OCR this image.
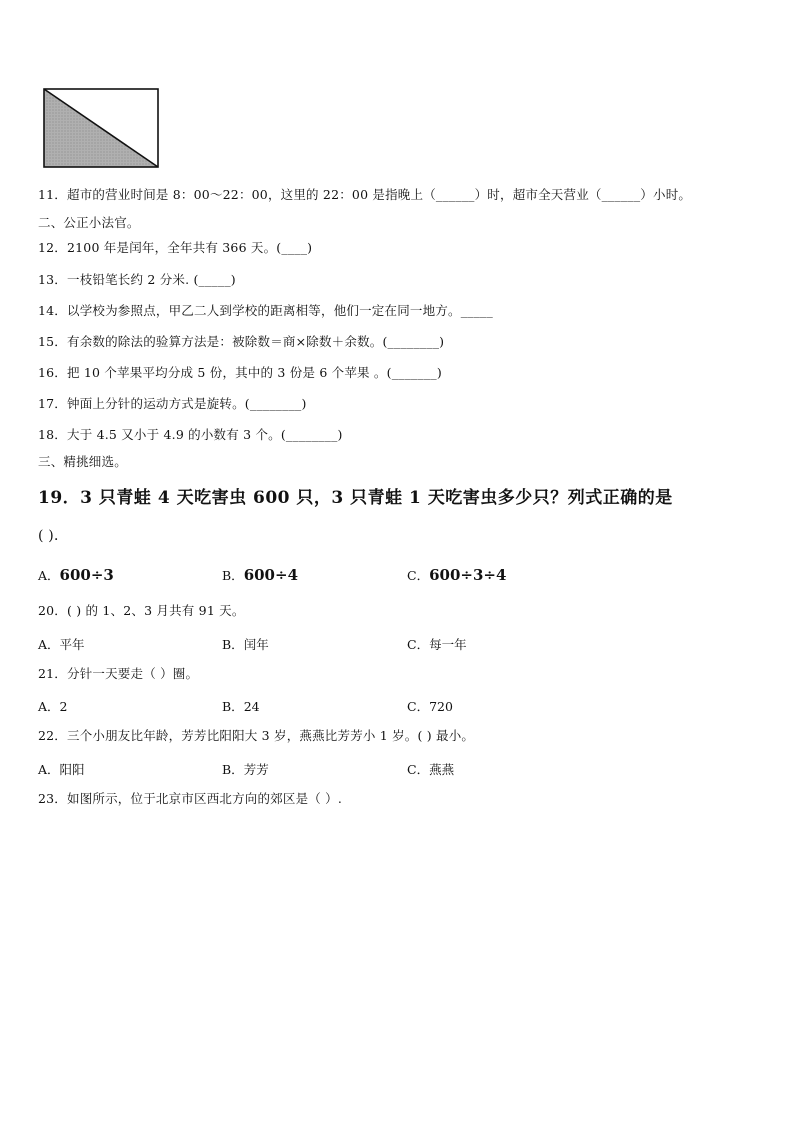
11．超市的营业时间是 8：00～22：00，这里的 22：00 是指晚上（______）时，超市全天营业（______）小时。
二、公正小法官。
12．2100 年是闰年，全年共有 366 天。(____)
13．一枝铅笔长约 2 分米. (_____)
14．以学校为参照点，甲乙二人到学校的距离相等，他们一定在同一地方。_____
15．有余数的除法的验算方法是：被除数＝商×除数＋余数。(________)
16．把 10 个苹果平均分成 5 份，其中的 3 份是 6 个苹果 。(_______)
17．钟面上分针的运动方式是旋转。(________)
18．大于 4.5 又小于 4.9 的小数有 3 个。(________)
三、精挑细选。
19．3 只青蛙 4 天吃害虫 600 只，3 只青蛙 1 天吃害虫多少只？列式正确的是
( )．
A．600÷3	B．600÷4	C．600÷3÷4
20．( ) 的 1、2、3 月共有 91 天。
A．平年	B．闰年	C．每一年
21．分针一天要走（ ）圈。
A．2	B．24	C．720
22．三个小朋友比年龄，芳芳比阳阳大 3 岁，燕燕比芳芳小 1 岁。( ) 最小。
A．阳阳	B．芳芳	C．燕燕
23．如图所示，位于北京市区西北方向的郊区是（ ）.
